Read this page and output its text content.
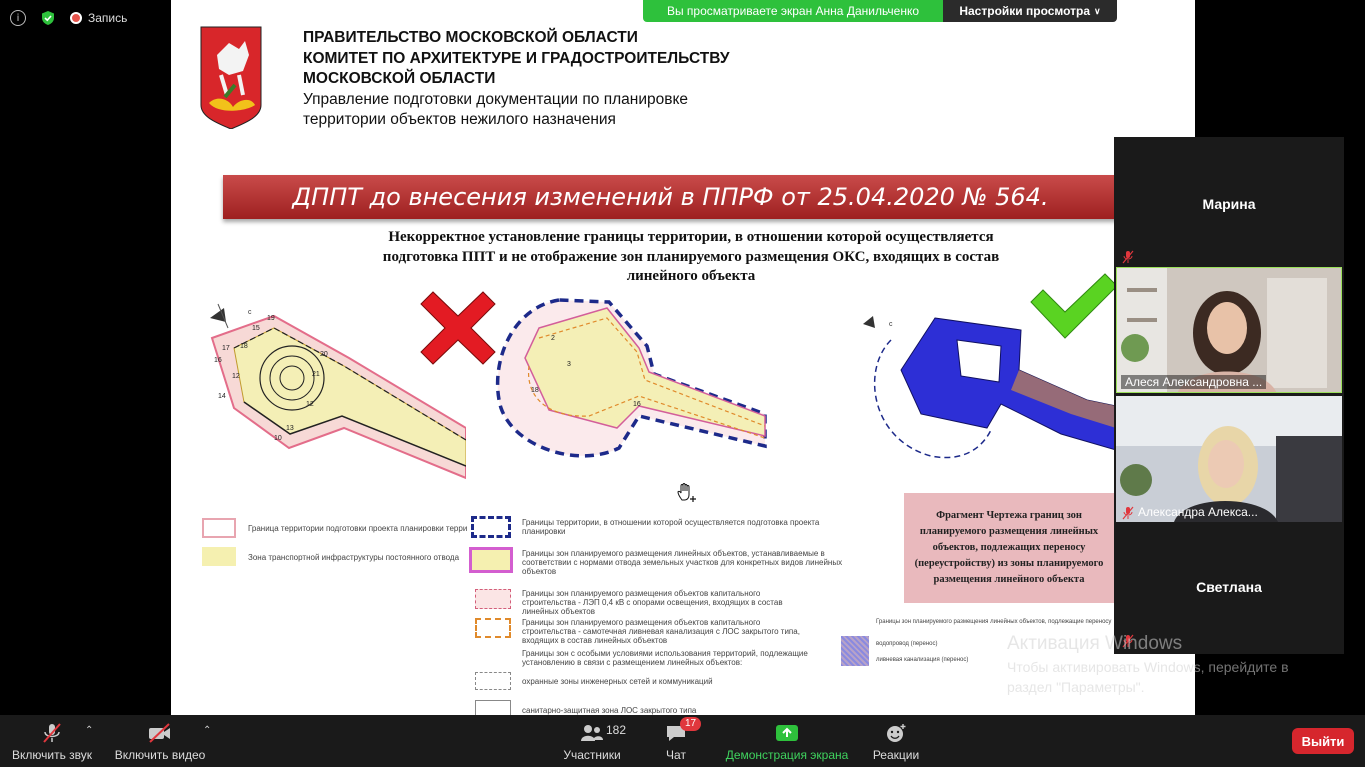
i	Запись
ПРАВИТЕЛЬСТВО МОСКОВСКОЙ ОБЛАСТИ
КОМИТЕТ ПО АРХИТЕКТУРЕ И ГРАДОСТРОИТЕЛЬСТВУ
МОСКОВСКОЙ ОБЛАСТИ
Управление подготовки документации по планировке
территории объектов нежилого назначения
ДППТ до внесения изменений в ППРФ от 25.04.2020 № 564.
Некорректное установление границы территории, в отношении которой осуществляется
подготовка ППТ и не отображение зон планируемого размещения ОКС, входящих в состав
линейного объекта
с
19
15
17 18
16
12
20
21
14
12
13
10
2
3
18
16
с
Граница территории подготовки проекта планировки терри
Зона транспортной инфраструктуры постоянного отвода
Границы территории, в отношении которой осуществляется подготовка проекта планировки
Границы зон планируемого размещения линейных объектов, устанавливаемые в соответствии с нормами отвода земельных участков для конкретных видов линейных объектов
Границы зон планируемого размещения объектов капитального строительства - ЛЭП 0,4 кВ с опорами освещения, входящих в состав линейных объектов
Границы зон планируемого размещения объектов капитального строительства - самотечная ливневая канализация с ЛОС закрытого типа, входящих в состав линейных объектов
Границы зон с особыми условиями использования территорий, подлежащие установлению в связи с размещением линейных объектов:
охранные зоны инженерных сетей и коммуникаций
санитарно-защитная зона ЛОС закрытого типа
Границы зон планируемого размещения линейных объектов, подлежащие переносу
водопровод (перенос)
ливневая канализация (перенос)
Фрагмент Чертежа границ зон планируемого размещения линейных объектов, подлежащих переносу (переустройству) из зоны планируемого размещения линейного объекта
Вы просматриваете экран Анна Данильченко	Настройки просмотра ∨
Марина
Алеся Александровна ...
Александра Алекса...
Светлана
Активация Windows
Чтобы активировать Windows, перейдите в раздел "Параметры".
Включить звук
⌃
Включить видео
⌃
Участники
182
Чат
17
Демонстрация экрана Реакции
Выйти
